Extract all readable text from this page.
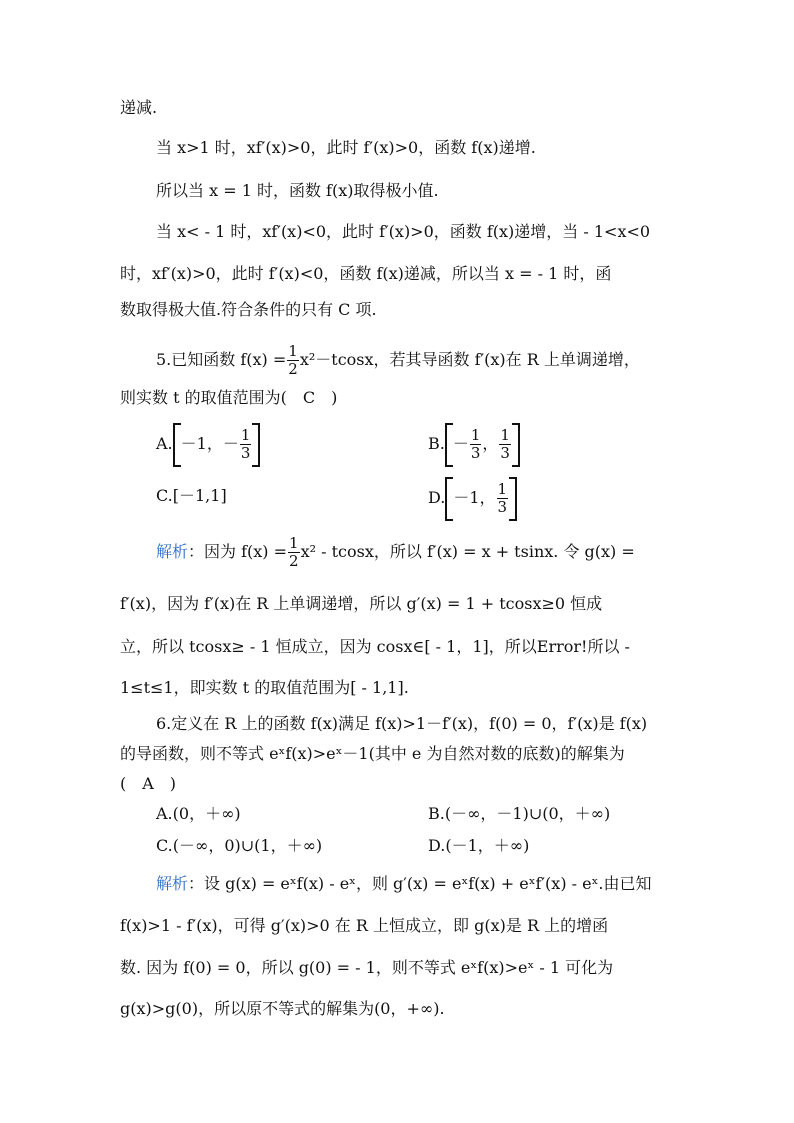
递减.
当 x>1 时，xf′(x)>0，此时 f′(x)>0，函数 f(x)递增.
所以当 x = 1 时，函数 f(x)取得极小值.
当 x< - 1 时，xf′(x)<0，此时 f′(x)>0，函数 f(x)递增，当 - 1<x<0
时，xf′(x)>0，此时 f′(x)<0，函数 f(x)递减，所以当 x = - 1 时，函
数取得极大值.符合条件的只有 C 项.
5.已知函数 $f(x) = \frac{1}{2} x^2-tcosx$，若其导函数 f′(x)在 R 上单调递增，
则实数 t 的取值范围为(　C　)
A. －1，－ $\frac{1}{3}$	B. － $\frac{1}{3}$ ， $\frac{1}{3}$
C.[－1,1]	D. －1， $\frac{1}{3}$
解析：因为 $f(x) = \frac{1}{2} x^2 - tcosx$，所以 f′(x) = x + tsinx. 令 g(x) =
f′(x)，因为 f′(x)在 R 上单调递增，所以 g′(x) = 1 + tcosx≥0 恒成
立，所以 tcosx≥ - 1 恒成立，因为 cosx∈[ - 1，1]，所以Error!所以 -
1≤t≤1，即实数 t 的取值范围为[ - 1,1].
6.定义在 R 上的函数 f(x)满足 f(x)>1－f′(x)，f(0) = 0，f′(x)是 f(x)
的导函数，则不等式 eˣf(x)>eˣ－1(其中 e 为自然对数的底数)的解集为
(　A　)
A.(0，＋∞)	B.(－∞，－1)∪(0，＋∞)
C.(－∞，0)∪(1，＋∞)	D.(－1，＋∞)
解析：设 g(x) = eˣf(x) - eˣ，则 g′(x) = eˣf(x) + eˣf′(x) - eˣ.由已知
f(x)>1 - f′(x)，可得 g′(x)>0 在 R 上恒成立，即 g(x)是 R 上的增函
数. 因为 f(0) = 0，所以 g(0) = - 1，则不等式 eˣf(x)>eˣ - 1 可化为
g(x)>g(0)，所以原不等式的解集为(0，+∞).
